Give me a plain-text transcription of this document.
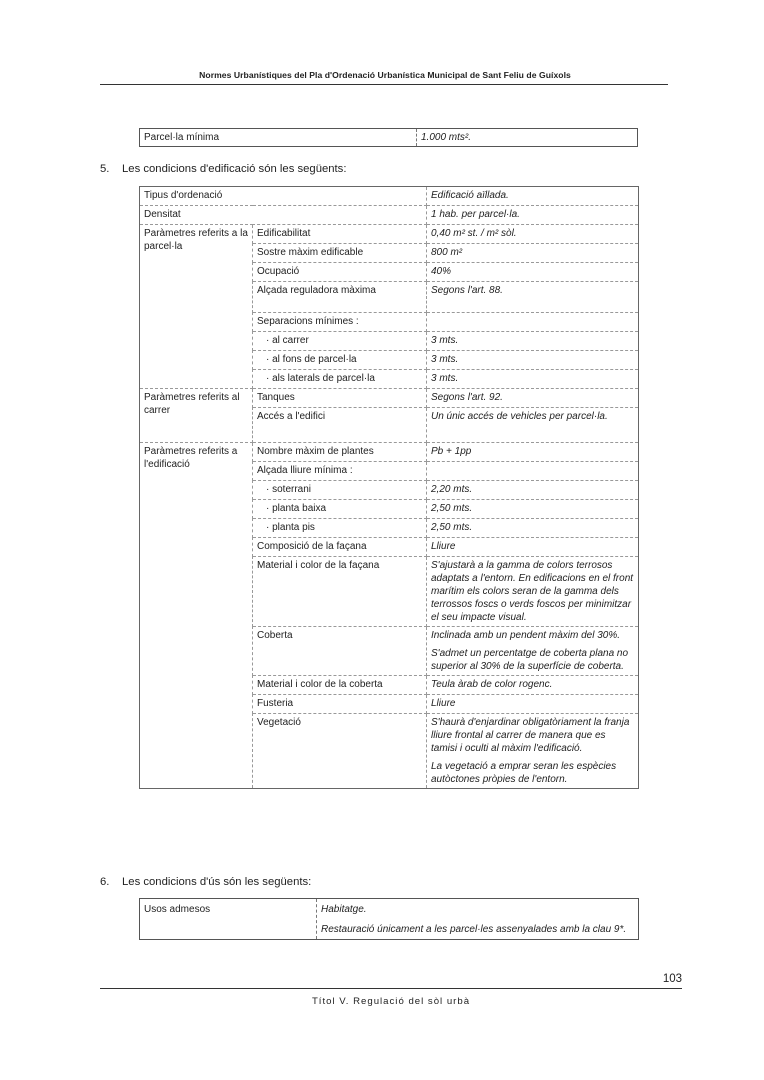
Normes Urbanístiques del Pla d'Ordenació Urbanística Municipal de Sant Feliu de Guíxols
Parcel·la mínima	1.000 mts².
5. Les condicions d'edificació són les següents:
Tipus d'ordenació		Edificació aïllada.
Densitat		1 hab. per parcel·la.
Paràmetres referits a la parcel·la	Edificabilitat	0,40 m² st. / m² sòl.
	Sostre màxim edificable	800 m²
	Ocupació	40%
	Alçada reguladora màxima	Segons l'art. 88.
	Separacions mínimes :	
	· al carrer	3 mts.
	· al fons de parcel·la	3 mts.
	· als laterals de parcel·la	3 mts.
Paràmetres referits al carrer	Tanques	Segons l'art. 92.
	Accés a l'edifici	Un únic accés de vehicles per parcel·la.
Paràmetres referits a l'edificació	Nombre màxim de plantes	Pb + 1pp
	Alçada lliure mínima :	
	· soterrani	2,20 mts.
	· planta baixa	2,50 mts.
	· planta pis	2,50 mts.
	Composició de la façana	Lliure
	Material i color de la façana	S'ajustarà a la gamma de colors terrosos adaptats a l'entorn. En edificacions en el front marítim els colors seran de la gamma dels terrossos foscs o verds foscos per minimitzar el seu impacte visual.
	Coberta	Inclinada amb un pendent màxim del 30%.
S'admet un percentatge de coberta plana no superior al 30% de la superfície de coberta.

	Material i color de la coberta	Teula àrab de color rogenc.
	Fusteria	Lliure
	Vegetació	S'haurà d'enjardinar obligatòriament la franja lliure frontal al carrer de manera que es tamisi i oculti al màxim l'edificació.
La vegetació a emprar seran les espècies autòctones pròpies de l'entorn.

6. Les condicions d'ús són les següents:
Usos admesos	Habitatge.
Restauració únicament a les parcel·les assenyalades amb la clau 9*.
103
Títol V. Regulació del sòl urbà
